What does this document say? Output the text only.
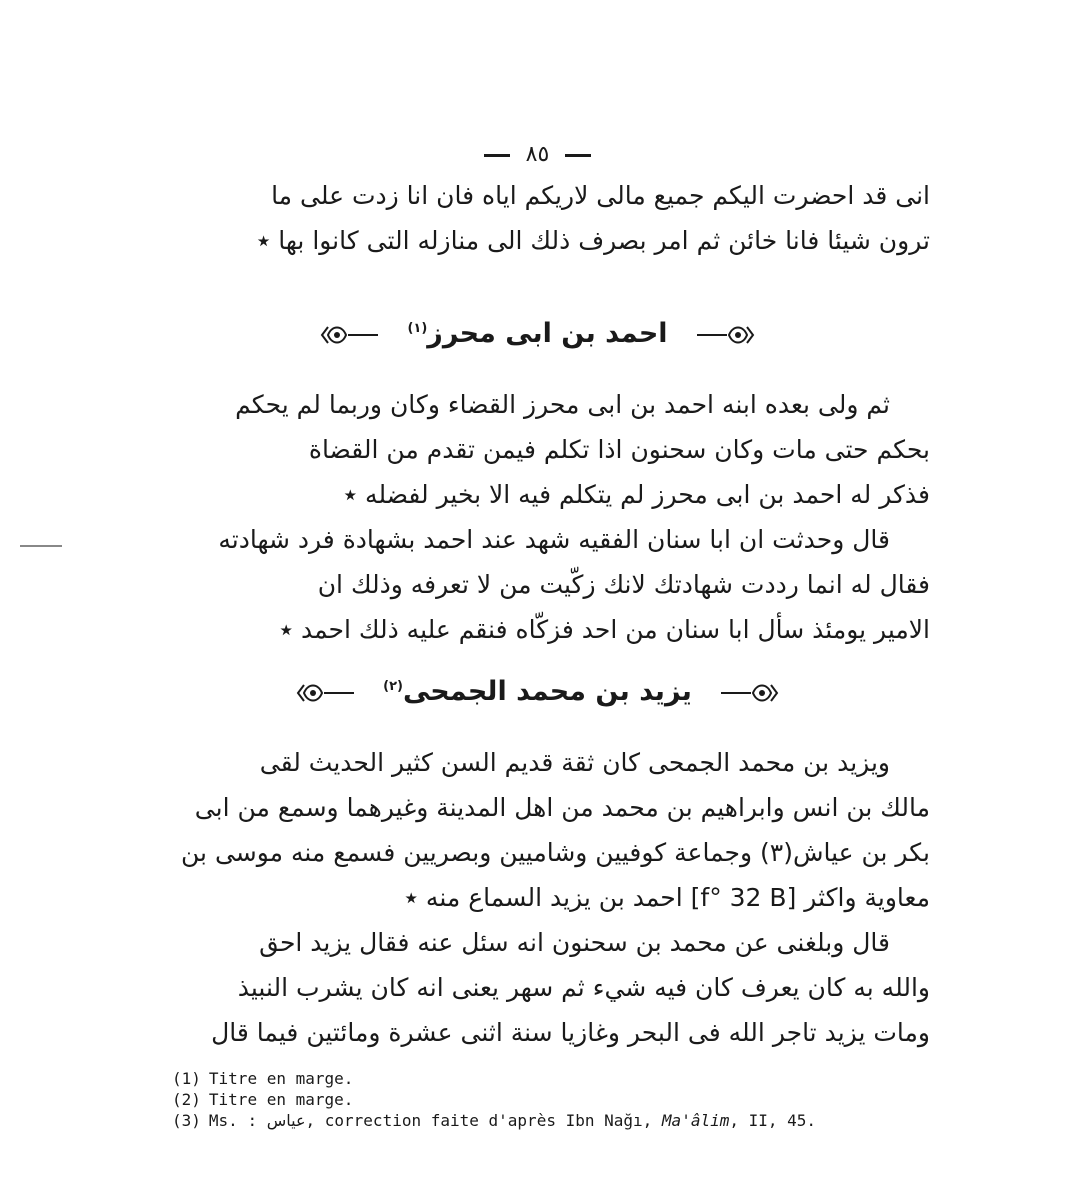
٨٥
انى قد احضرت اليكم جميع مالى لاريكم اياه فان انا زدت على ما
ترون شيئا فانا خائن ثم امر بصرف ذلك الى منازله التى كانوا بها ٭
احمد بن ابى محرز$^{(١)}$
ثم ولى بعده ابنه احمد بن ابى محرز القضاء وكان وربما لم يحكم
بحكم حتى مات وكان سحنون اذا تكلم فيمن تقدم من القضاة
فذكر له احمد بن ابى محرز لم يتكلم فيه الا بخير لفضله ٭
قال وحدثت ان ابا سنان الفقيه شهد عند احمد بشهادة فرد شهادته
فقال له انما رددت شهادتك لانك زكّيت من لا تعرفه وذلك ان
الامير يومئذ سأل ابا سنان من احد فزكّاه فنقم عليه ذلك احمد ٭
يزيد بن محمد الجمحى$^{(٢)}$
ويزيد بن محمد الجمحى كان ثقة قديم السن كثير الحديث لقى
مالك بن انس وابراهيم بن محمد من اهل المدينة وغيرهما وسمع من ابى
بكر بن عياش(٣) وجماعة كوفيين وشاميين وبصريين فسمع منه موسى بن
معاوية واكثر [f° 32 B] احمد بن يزيد السماع منه ٭
قال وبلغنى عن محمد بن سحنون انه سئل عنه فقال يزيد احق
والله به كان يعرف كان فيه شيء ثم سهر يعنى انه كان يشرب النبيذ
ومات يزيد تاجر الله فى البحر وغازيا سنة اثنى عشرة ومائتين فيما قال
(1) Titre en marge.
(2) Titre en marge.
(3) Ms. : عياس, correction faite d'après Ibn Nağı, Ma'âlim, II, 45.
